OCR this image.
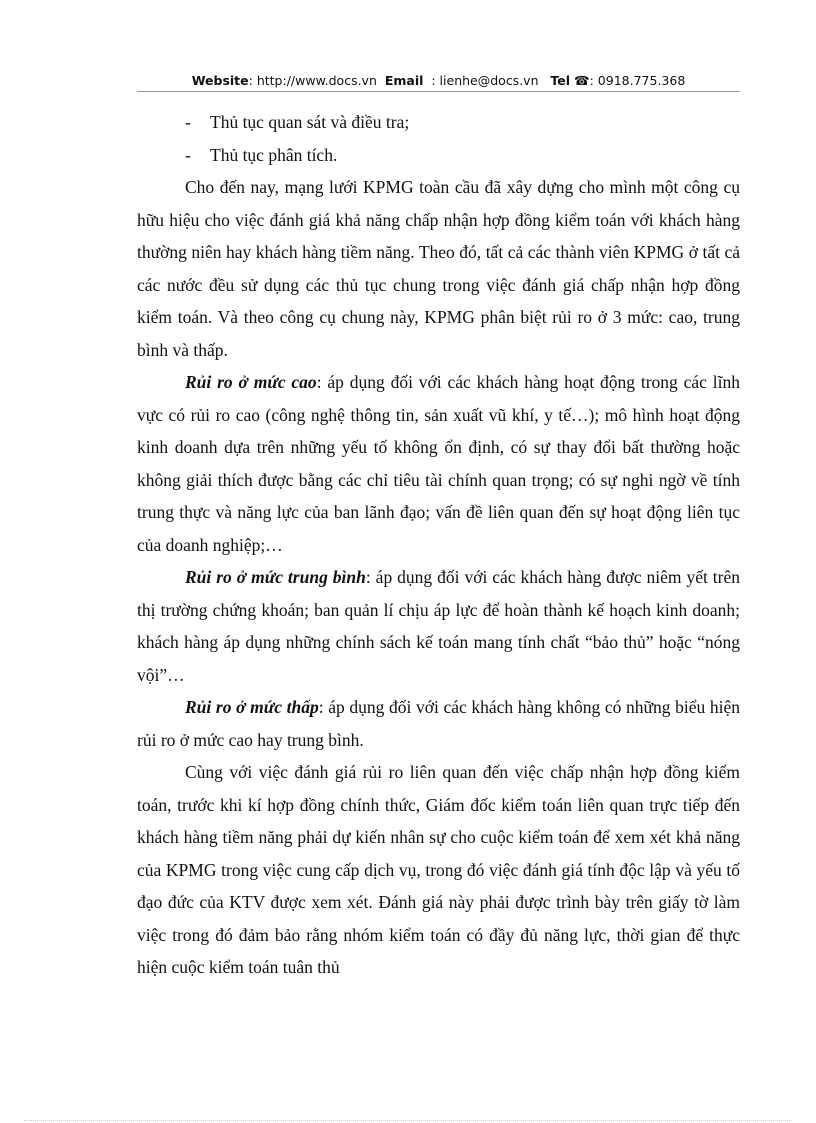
Website: http://www.docs.vn Email : lienhe@docs.vn Tel ☎: 0918.775.368

-	Thủ tục quan sát và điều tra;

-	Thủ tục phân tích.

Cho đến nay, mạng lưới KPMG toàn cầu đã xây dựng cho mình một công cụ hữu hiệu cho việc đánh giá khả năng chấp nhận hợp đồng kiểm toán với khách hàng thường niên hay khách hàng tiềm năng. Theo đó, tất cả các thành viên KPMG ở tất cả các nước đều sử dụng các thủ tục chung trong việc đánh giá chấp nhận hợp đồng kiểm toán. Và theo công cụ chung này, KPMG phân biệt rủi ro ở 3 mức: cao, trung bình và thấp.

Rủi ro ở mức cao: áp dụng đối với các khách hàng hoạt động trong các lĩnh vực có rủi ro cao (công nghệ thông tin, sản xuất vũ khí, y tế…); mô hình hoạt động kinh doanh dựa trên những yếu tố không ổn định, có sự thay đổi bất thường hoặc không giải thích được bằng các chỉ tiêu tài chính quan trọng; có sự nghi ngờ về tính trung thực và năng lực của ban lãnh đạo; vấn đề liên quan đến sự hoạt động liên tục của doanh nghiệp;…

Rủi ro ở mức trung bình: áp dụng đối với các khách hàng được niêm yết trên thị trường chứng khoán; ban quản lí chịu áp lực để hoàn thành kế hoạch kinh doanh; khách hàng áp dụng những chính sách kế toán mang tính chất “bảo thủ” hoặc “nóng vội”…

Rủi ro ở mức thấp: áp dụng đối với các khách hàng không có những biểu hiện rủi ro ở mức cao hay trung bình.

Cùng với việc đánh giá rủi ro liên quan đến việc chấp nhận hợp đồng kiểm toán, trước khi kí hợp đồng chính thức, Giám đốc kiểm toán liên quan trực tiếp đến khách hàng tiềm năng phải dự kiến nhân sự cho cuộc kiểm toán để xem xét khả năng của KPMG trong việc cung cấp dịch vụ, trong đó việc đánh giá tính độc lập và yếu tố đạo đức của KTV được xem xét. Đánh giá này phải được trình bày trên giấy tờ làm việc trong đó đảm bảo rằng nhóm kiểm toán có đầy đủ năng lực, thời gian để thực hiện cuộc kiểm toán tuân thủ
